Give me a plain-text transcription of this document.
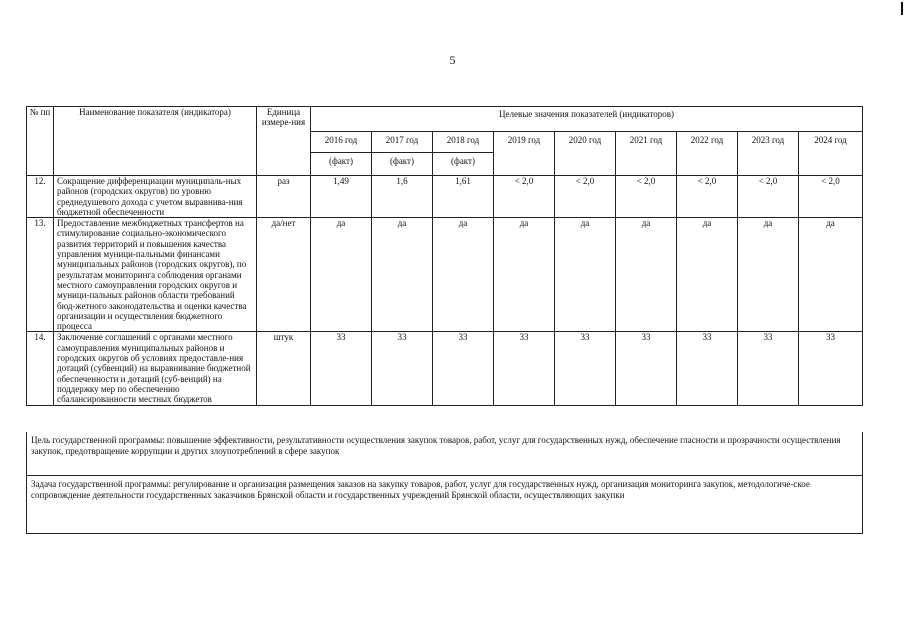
5
№ пп	Наименование показателя (индикатора)	Единица измере-ния	Целевые значения показателей (индикаторов)								
			2016 год	2017 год	2018 год	2019 год	2020 год	2021 год	2022 год	2023 год	2024 год
			(факт)	(факт)	(факт)						
12.	Сокращение дифференциации муниципаль-ных районов (городских округов) по уровню среднедушевого дохода с учетом выравнива-ния бюджетной обеспеченности	раз	1,49	1,6	1,61	< 2,0	< 2,0	< 2,0	< 2,0	< 2,0	< 2,0
13.	Предоставление межбюджетных трансфертов на стимулирование социально-экономического развития территорий и повышения качества управления муници-пальными финансами муниципальных районов (городских округов), по результатам мониторинга соблюдения органами местного самоуправления городских округов и муници-пальных районов области требований бюд-жетного законодательства и оценки качества организации и осуществления бюджетного процесса	да/нет	да	да	да	да	да	да	да	да	да
14.	Заключение соглашений с органами местного самоуправления муниципальных районов и городских округов об условиях предоставле-ния дотаций (субвенций) на выравнивание бюджетной обеспеченности и дотаций (суб-венций) на поддержку мер по обеспечению сбалансированности местных бюджетов	штук	33	33	33	33	33	33	33	33	33
Цель государственной программы: повышение эффективности, результативности осуществления закупок товаров, работ, услуг для государственных нужд, обеспечение гласности и прозрачности осуществления закупок, предотвращение коррупции и других злоупотреблений в сфере закупок
Задача государственной программы: регулирование и организация размещения заказов на закупку товаров, работ, услуг для государственных нужд, организация мониторинга закупок, методологиче-ское сопровождение деятельности государственных заказчиков Брянской области и государственных учреждений Брянской области, осуществляющих закупки
